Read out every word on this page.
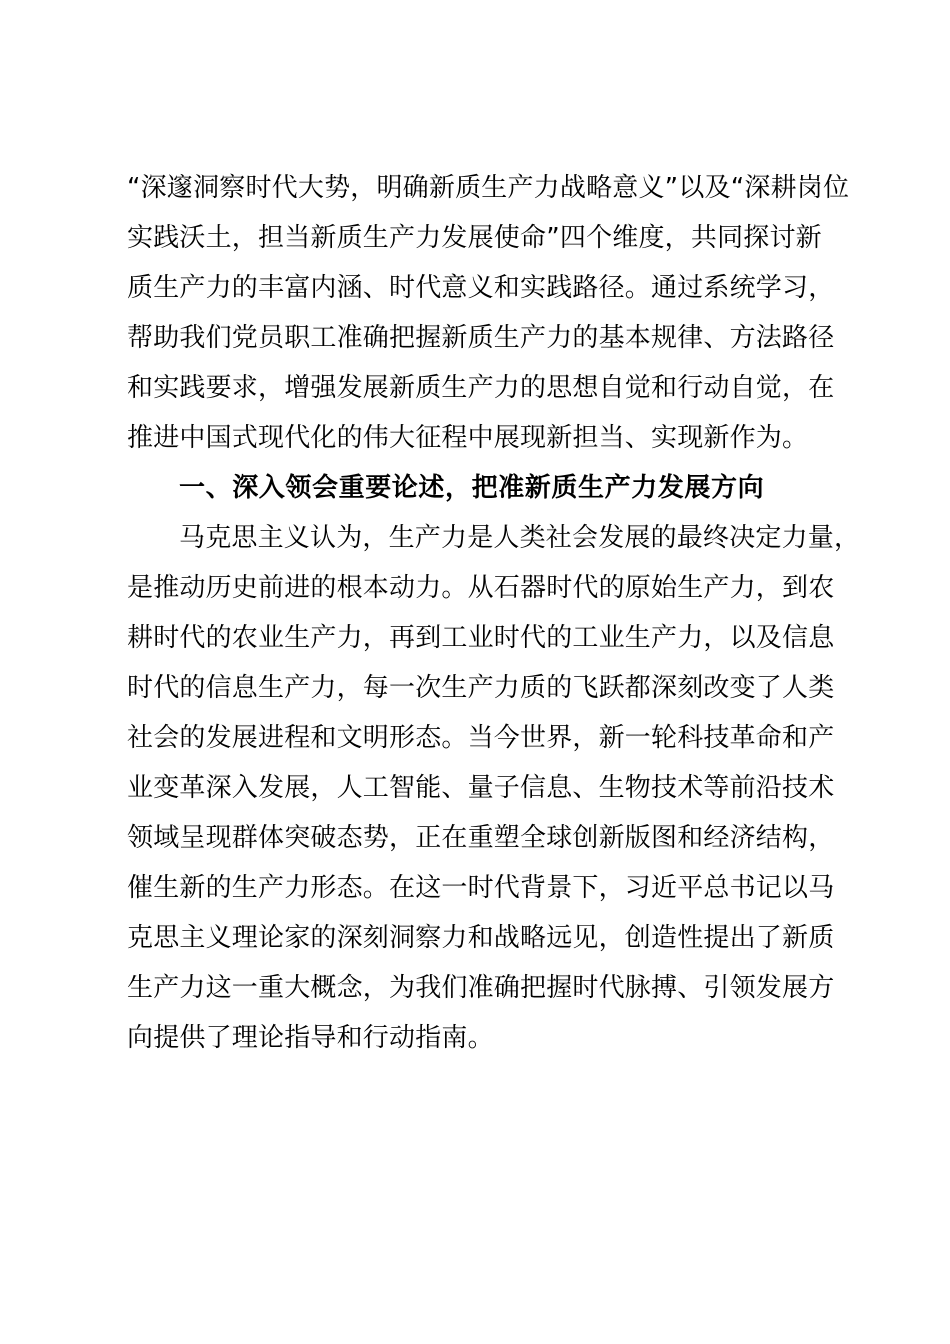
“深邃洞察时代大势，明确新质生产力战略意义”以及“深耕岗位
实践沃土，担当新质生产力发展使命”四个维度，共同探讨新
质生产力的丰富内涵、时代意义和实践路径。通过系统学习，
帮助我们党员职工准确把握新质生产力的基本规律、方法路径
和实践要求，增强发展新质生产力的思想自觉和行动自觉，在
推进中国式现代化的伟大征程中展现新担当、实现新作为。
一、深入领会重要论述，把准新质生产力发展方向
马克思主义认为，生产力是人类社会发展的最终决定力量，
是推动历史前进的根本动力。从石器时代的原始生产力，到农
耕时代的农业生产力，再到工业时代的工业生产力，以及信息
时代的信息生产力，每一次生产力质的飞跃都深刻改变了人类
社会的发展进程和文明形态。当今世界，新一轮科技革命和产
业变革深入发展，人工智能、量子信息、生物技术等前沿技术
领域呈现群体突破态势，正在重塑全球创新版图和经济结构，
催生新的生产力形态。在这一时代背景下，习近平总书记以马
克思主义理论家的深刻洞察力和战略远见，创造性提出了新质
生产力这一重大概念，为我们准确把握时代脉搏、引领发展方
向提供了理论指导和行动指南。
